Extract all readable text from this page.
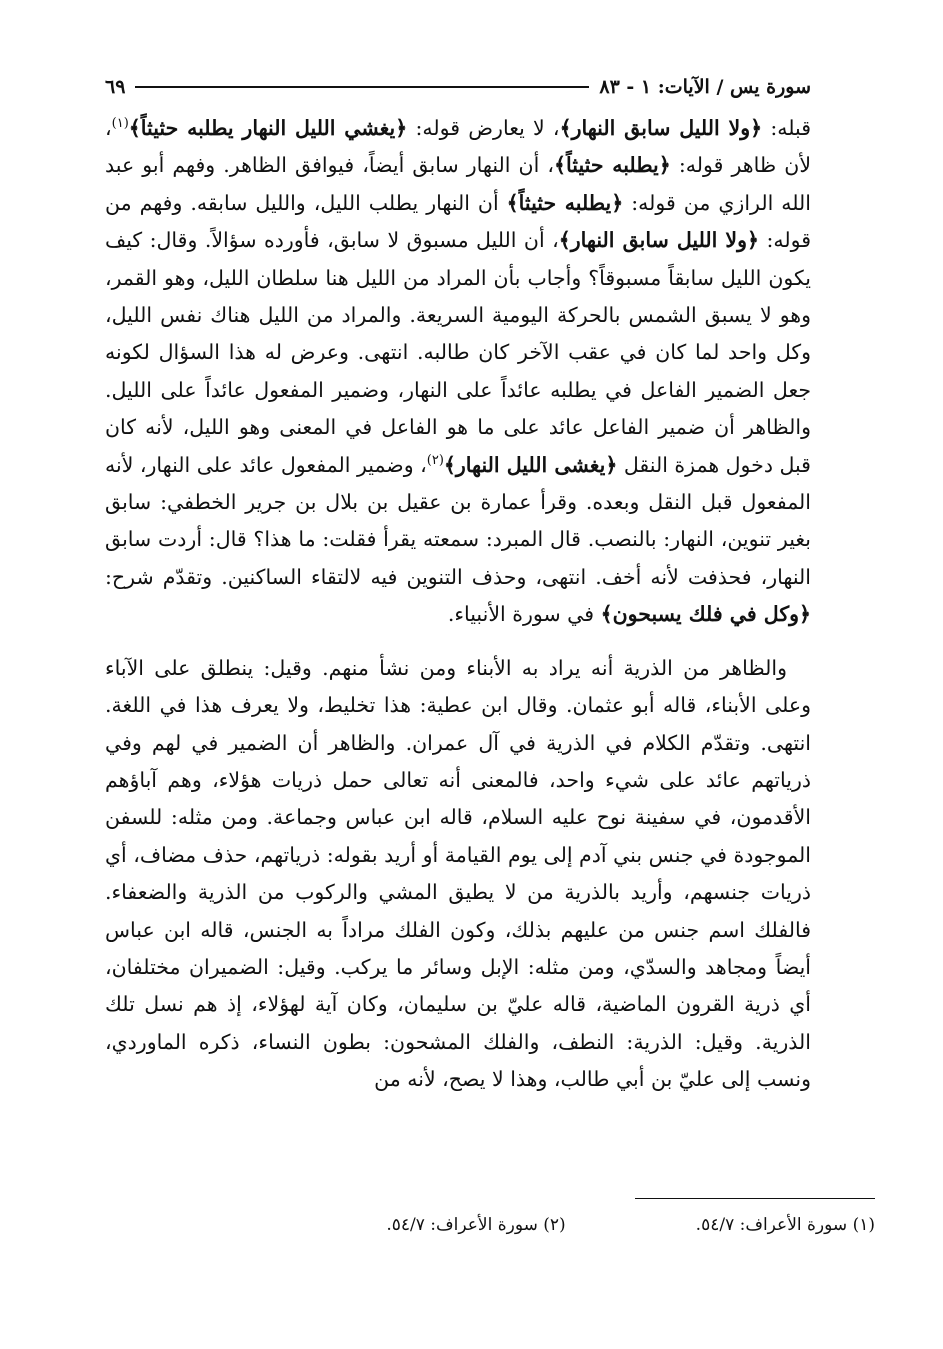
سورة يس / الآيات: ١ - ٨٣
٦٩

قبله: ﴿ولا الليل سابق النهار﴾، لا يعارض قوله: ﴿يغشي الليل النهار يطلبه حثيثاً﴾$^{(١)}$، لأن ظاهر قوله: ﴿يطلبه حثيثاً﴾، أن النهار سابق أيضاً، فيوافق الظاهر. وفهم أبو عبد الله الرازي من قوله: ﴿يطلبه حثيثاً﴾ أن النهار يطلب الليل، والليل سابقه. وفهم من قوله: ﴿ولا الليل سابق النهار﴾، أن الليل مسبوق لا سابق، فأورده سؤالاً. وقال: كيف يكون الليل سابقاً مسبوقاً؟ وأجاب بأن المراد من الليل هنا سلطان الليل، وهو القمر، وهو لا يسبق الشمس بالحركة اليومية السريعة. والمراد من الليل هناك نفس الليل، وكل واحد لما كان في عقب الآخر كان طالبه. انتهى. وعرض له هذا السؤال لكونه جعل الضمير الفاعل في يطلبه عائداً على النهار، وضمير المفعول عائداً على الليل. والظاهر أن ضمير الفاعل عائد على ما هو الفاعل في المعنى وهو الليل، لأنه كان قبل دخول همزة النقل ﴿يغشى الليل النهار﴾$^{(٢)}$، وضمير المفعول عائد على النهار، لأنه المفعول قبل النقل وبعده. وقرأ عمارة بن عقيل بن بلال بن جرير الخطفي: سابق بغير تنوين، النهار: بالنصب. قال المبرد: سمعته يقرأ فقلت: ما هذا؟ قال: أردت سابق النهار، فحذفت لأنه أخف. انتهى، وحذف التنوين فيه لالتقاء الساكنين. وتقدّم شرح: ﴿وكل في فلك يسبحون﴾ في سورة الأنبياء.

والظاهر من الذرية أنه يراد به الأبناء ومن نشأ منهم. وقيل: ينطلق على الآباء وعلى الأبناء، قاله أبو عثمان. وقال ابن عطية: هذا تخليط، ولا يعرف هذا في اللغة. انتهى. وتقدّم الكلام في الذرية في آل عمران. والظاهر أن الضمير في لهم وفي ذرياتهم عائد على شيء واحد، فالمعنى أنه تعالى حمل ذريات هؤلاء، وهم آباؤهم الأقدمون، في سفينة نوح عليه السلام، قاله ابن عباس وجماعة. ومن مثله: للسفن الموجودة في جنس بني آدم إلى يوم القيامة أو أريد بقوله: ذرياتهم، حذف مضاف، أي ذريات جنسهم، وأريد بالذرية من لا يطيق المشي والركوب من الذرية والضعفاء. فالفلك اسم جنس من عليهم بذلك، وكون الفلك مراداً به الجنس، قاله ابن عباس أيضاً ومجاهد والسدّي، ومن مثله: الإبل وسائر ما يركب. وقيل: الضميران مختلفان، أي ذرية القرون الماضية، قاله عليّ بن سليمان، وكان آية لهؤلاء، إذ هم نسل تلك الذرية. وقيل: الذرية: النطف، والفلك المشحون: بطون النساء، ذكره الماوردي، ونسب إلى عليّ بن أبي طالب، وهذا لا يصح، لأنه من

(١) سورة الأعراف: ٥٤/٧.
(٢) سورة الأعراف: ٥٤/٧.
